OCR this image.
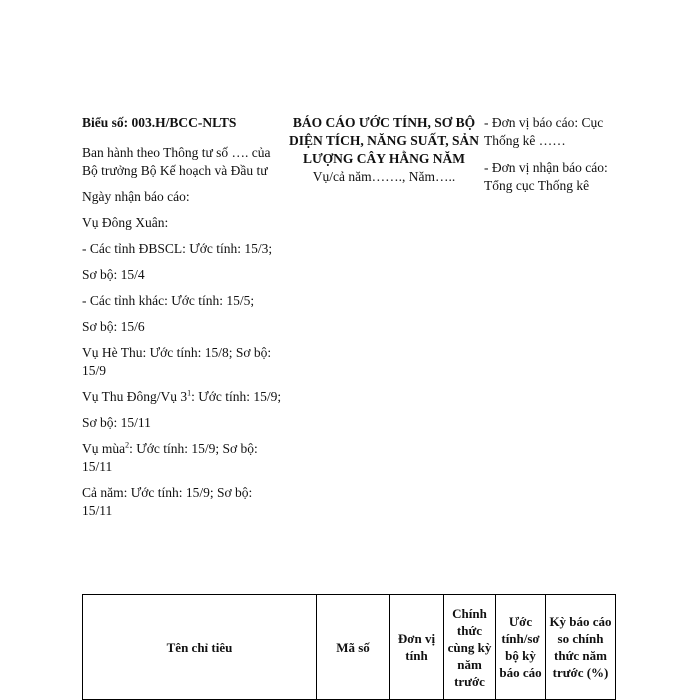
Biểu số: 003.H/BCC-NLTS

Ban hành theo Thông tư số …. của Bộ trưởng Bộ Kế hoạch và Đầu tư

Ngày nhận báo cáo:

Vụ Đông Xuân:

- Các tỉnh ĐBSCL: Ước tính: 15/3;

Sơ bộ: 15/4

- Các tỉnh khác: Ước tính: 15/5;

Sơ bộ: 15/6

Vụ Hè Thu: Ước tính: 15/8; Sơ bộ: 15/9

Vụ Thu Đông/Vụ $3^1$: Ước tính: 15/9;

Sơ bộ: 15/11

Vụ mùa$^2$: Ước tính: 15/9; Sơ bộ: 15/11

Cả năm: Ước tính: 15/9; Sơ bộ: 15/11

BÁO CÁO ƯỚC TÍNH, SƠ BỘ DIỆN TÍCH, NĂNG SUẤT, SẢN LƯỢNG CÂY HẰNG NĂM

Vụ/cả năm……., Năm…..

- Đơn vị báo cáo: Cục Thống kê ……

- Đơn vị nhận báo cáo: Tổng cục Thống kê

Tên chỉ tiêu	Mã số	Đơn vị tính	Chính thức cùng kỳ năm trước	Ước tính/sơ bộ kỳ báo cáo	Kỳ báo cáo so chính thức năm trước (%)
